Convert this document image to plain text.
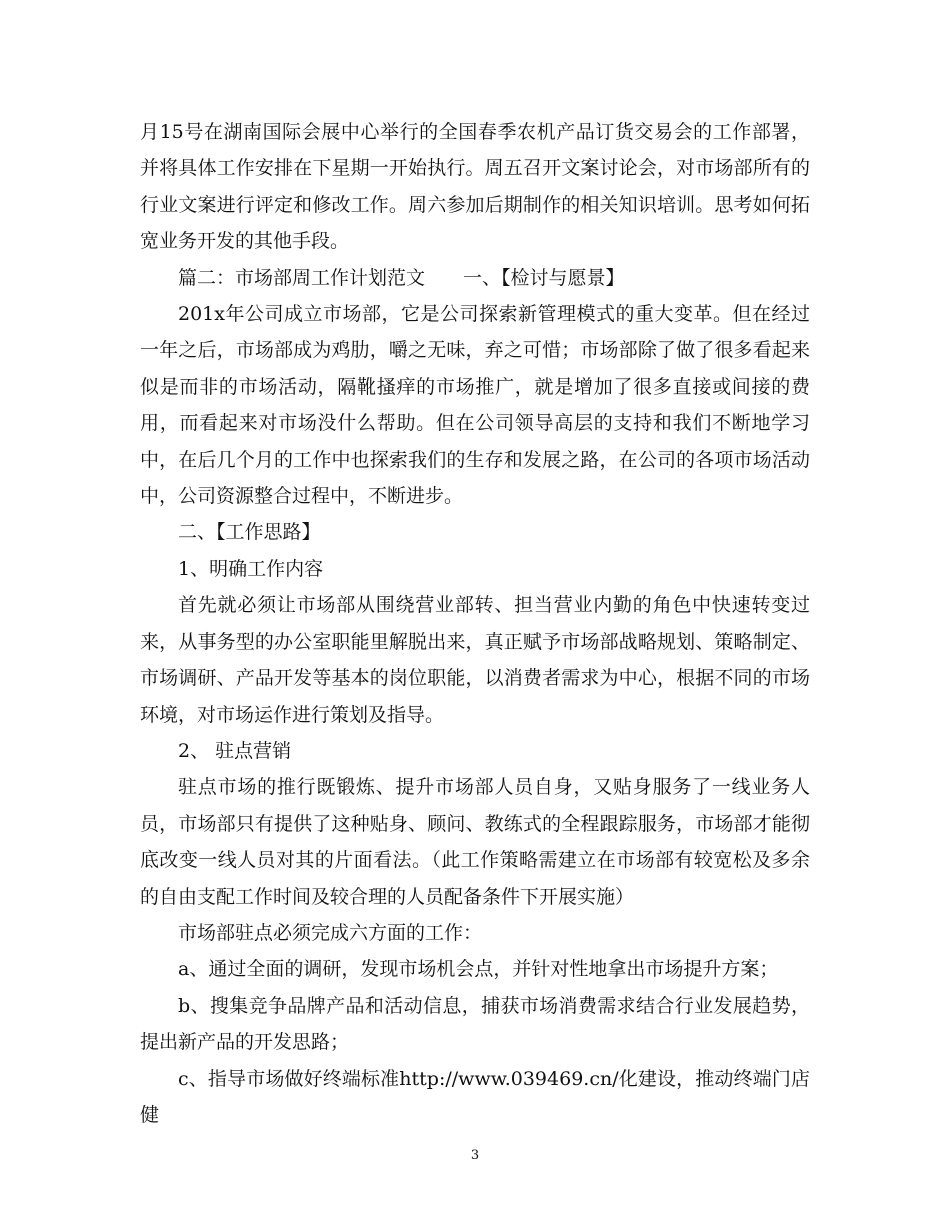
月15号在湖南国际会展中心举行的全国春季农机产品订货交易会的工作部署，并将具体工作安排在下星期一开始执行。周五召开文案讨论会，对市场部所有的行业文案进行评定和修改工作。周六参加后期制作的相关知识培训。思考如何拓宽业务开发的其他手段。

篇二：市场部周工作计划范文　　一、【检讨与愿景】

201x年公司成立市场部，它是公司探索新管理模式的重大变革。但在经过一年之后，市场部成为鸡肋，嚼之无味，弃之可惜；市场部除了做了很多看起来似是而非的市场活动，隔靴搔痒的市场推广，就是增加了很多直接或间接的费用，而看起来对市场没什么帮助。但在公司领导高层的支持和我们不断地学习中，在后几个月的工作中也探索我们的生存和发展之路，在公司的各项市场活动中，公司资源整合过程中，不断进步。

二、【工作思路】

1、明确工作内容

首先就必须让市场部从围绕营业部转、担当营业内勤的角色中快速转变过来，从事务型的办公室职能里解脱出来，真正赋予市场部战略规划、策略制定、市场调研、产品开发等基本的岗位职能，以消费者需求为中心，根据不同的市场环境，对市场运作进行策划及指导。

2、 驻点营销

驻点市场的推行既锻炼、提升市场部人员自身，又贴身服务了一线业务人员，市场部只有提供了这种贴身、顾问、教练式的全程跟踪服务，市场部才能彻底改变一线人员对其的片面看法。（此工作策略需建立在市场部有较宽松及多余的自由支配工作时间及较合理的人员配备条件下开展实施）

市场部驻点必须完成六方面的工作：

a、通过全面的调研，发现市场机会点，并针对性地拿出市场提升方案；

b、搜集竞争品牌产品和活动信息，捕获市场消费需求结合行业发展趋势，提出新产品的开发思路；

c、指导市场做好终端标准http://www.039469.cn/化建设，推动终端门店健

3
